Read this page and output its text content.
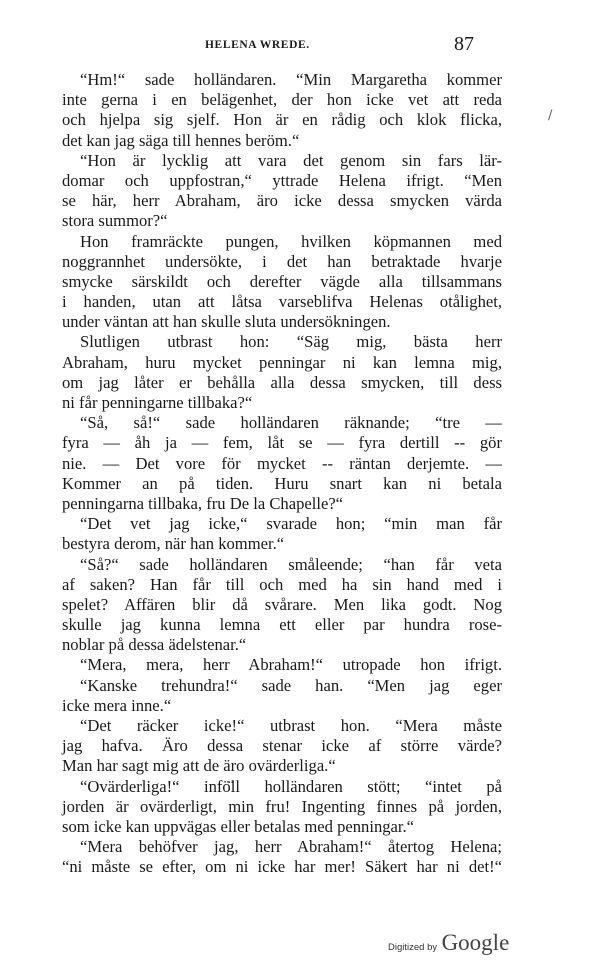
HELENA WREDE.	87
/
“Hm!“ sade holländaren. “Min Margaretha kommer
inte gerna i en belägenhet, der hon icke vet att reda
och hjelpa sig sjelf. Hon är en rådig och klok flicka,
det kan jag säga till hennes beröm.“
“Hon är lycklig att vara det genom sin fars lär-
domar och uppfostran,“ yttrade Helena ifrigt. “Men
se här, herr Abraham, äro icke dessa smycken värda
stora summor?“
Hon framräckte pungen, hvilken köpmannen med
noggrannhet undersökte, i det han betraktade hvarje
smycke särskildt och derefter vägde alla tillsammans
i handen, utan att låtsa varseblifva Helenas otålighet,
under väntan att han skulle sluta undersökningen.
Slutligen utbrast hon: “Säg mig, bästa herr
Abraham, huru mycket penningar ni kan lemna mig,
om jag låter er behålla alla dessa smycken, till dess
ni får penningarne tillbaka?“
“Så, så!“ sade holländaren räknande; “tre —
fyra — åh ja — fem, låt se — fyra dertill -- gör
nie. — Det vore för mycket -- räntan derjemte. —
Kommer an på tiden. Huru snart kan ni betala
penningarna tillbaka, fru De la Chapelle?“
“Det vet jag icke,“ svarade hon; “min man får
bestyra derom, när han kommer.“
“Så?“ sade holländaren småleende; “han får veta
af saken? Han får till och med ha sin hand med i
spelet? Affären blir då svårare. Men lika godt. Nog
skulle jag kunna lemna ett eller par hundra rose-
noblar på dessa ädelstenar.“
“Mera, mera, herr Abraham!“ utropade hon ifrigt.
“Kanske trehundra!“ sade han. “Men jag eger
icke mera inne.“
“Det räcker icke!“ utbrast hon. “Mera måste
jag hafva. Äro dessa stenar icke af större värde?
Man har sagt mig att de äro ovärderliga.“
“Ovärderliga!“ infö̈ll holländaren stött; “intet på
jorden är ovärderligt, min fru! Ingenting finnes på jorden,
som icke kan uppvägas eller betalas med penningar.“
“Mera behöfver jag, herr Abraham!“ återtog Helena;
“ni måste se efter, om ni icke har mer! Säkert har ni det!“
Digitized by Google
